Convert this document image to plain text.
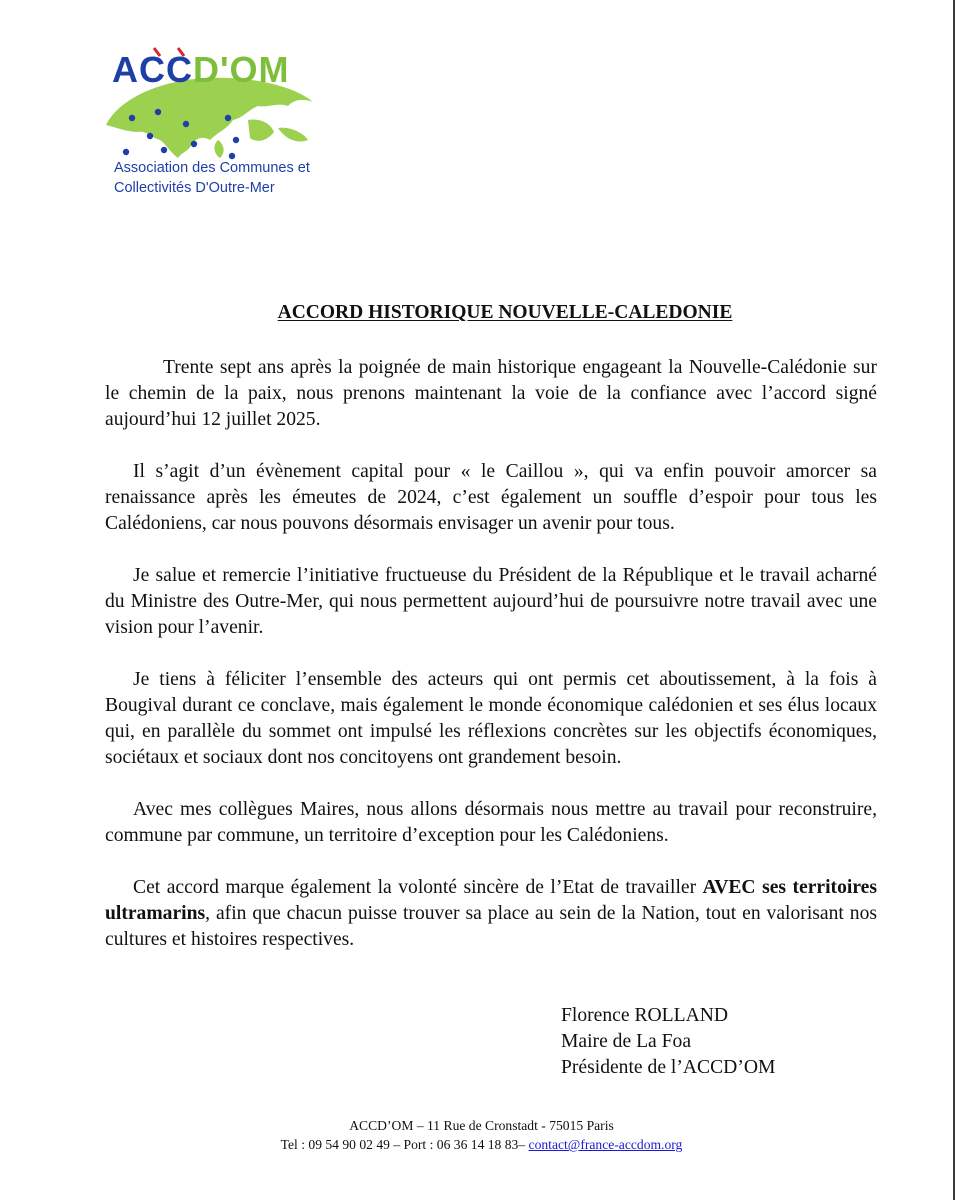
ACCD'OM
Association des Communes et
Collectivités D'Outre-Mer
ACCORD HISTORIQUE NOUVELLE-CALEDONIE

Trente sept ans après la poignée de main historique engageant la Nouvelle-Calédonie sur le chemin de la paix, nous prenons maintenant la voie de la confiance avec l’accord signé aujourd’hui 12 juillet 2025.

Il s’agit d’un évènement capital pour « le Caillou », qui va enfin pouvoir amorcer sa renaissance après les émeutes de 2024, c’est également un souffle d’espoir pour tous les Calédoniens, car nous pouvons désormais envisager un avenir pour tous.

Je salue et remercie l’initiative fructueuse du Président de la République et le travail acharné du Ministre des Outre-Mer, qui nous permettent aujourd’hui de poursuivre notre travail avec une vision pour l’avenir.

Je tiens à féliciter l’ensemble des acteurs qui ont permis cet aboutissement, à la fois à Bougival durant ce conclave, mais également le monde économique calédonien et ses élus locaux qui, en parallèle du sommet ont impulsé les réflexions concrètes sur les objectifs économiques, sociétaux et sociaux dont nos concitoyens ont grandement besoin.

Avec mes collègues Maires, nous allons désormais nous mettre au travail pour reconstruire, commune par commune, un territoire d’exception pour les Calédoniens.

Cet accord marque également la volonté sincère de l’Etat de travailler AVEC ses territoires ultramarins, afin que chacun puisse trouver sa place au sein de la Nation, tout en valorisant nos cultures et histoires respectives.

Florence ROLLAND
Maire de La Foa
Présidente de l’ACCD’OM
ACCD’OM – 11 Rue de Cronstadt - 75015 Paris
Tel : 09 54 90 02 49 – Port : 06 36 14 18 83– contact@france-accdom.org
